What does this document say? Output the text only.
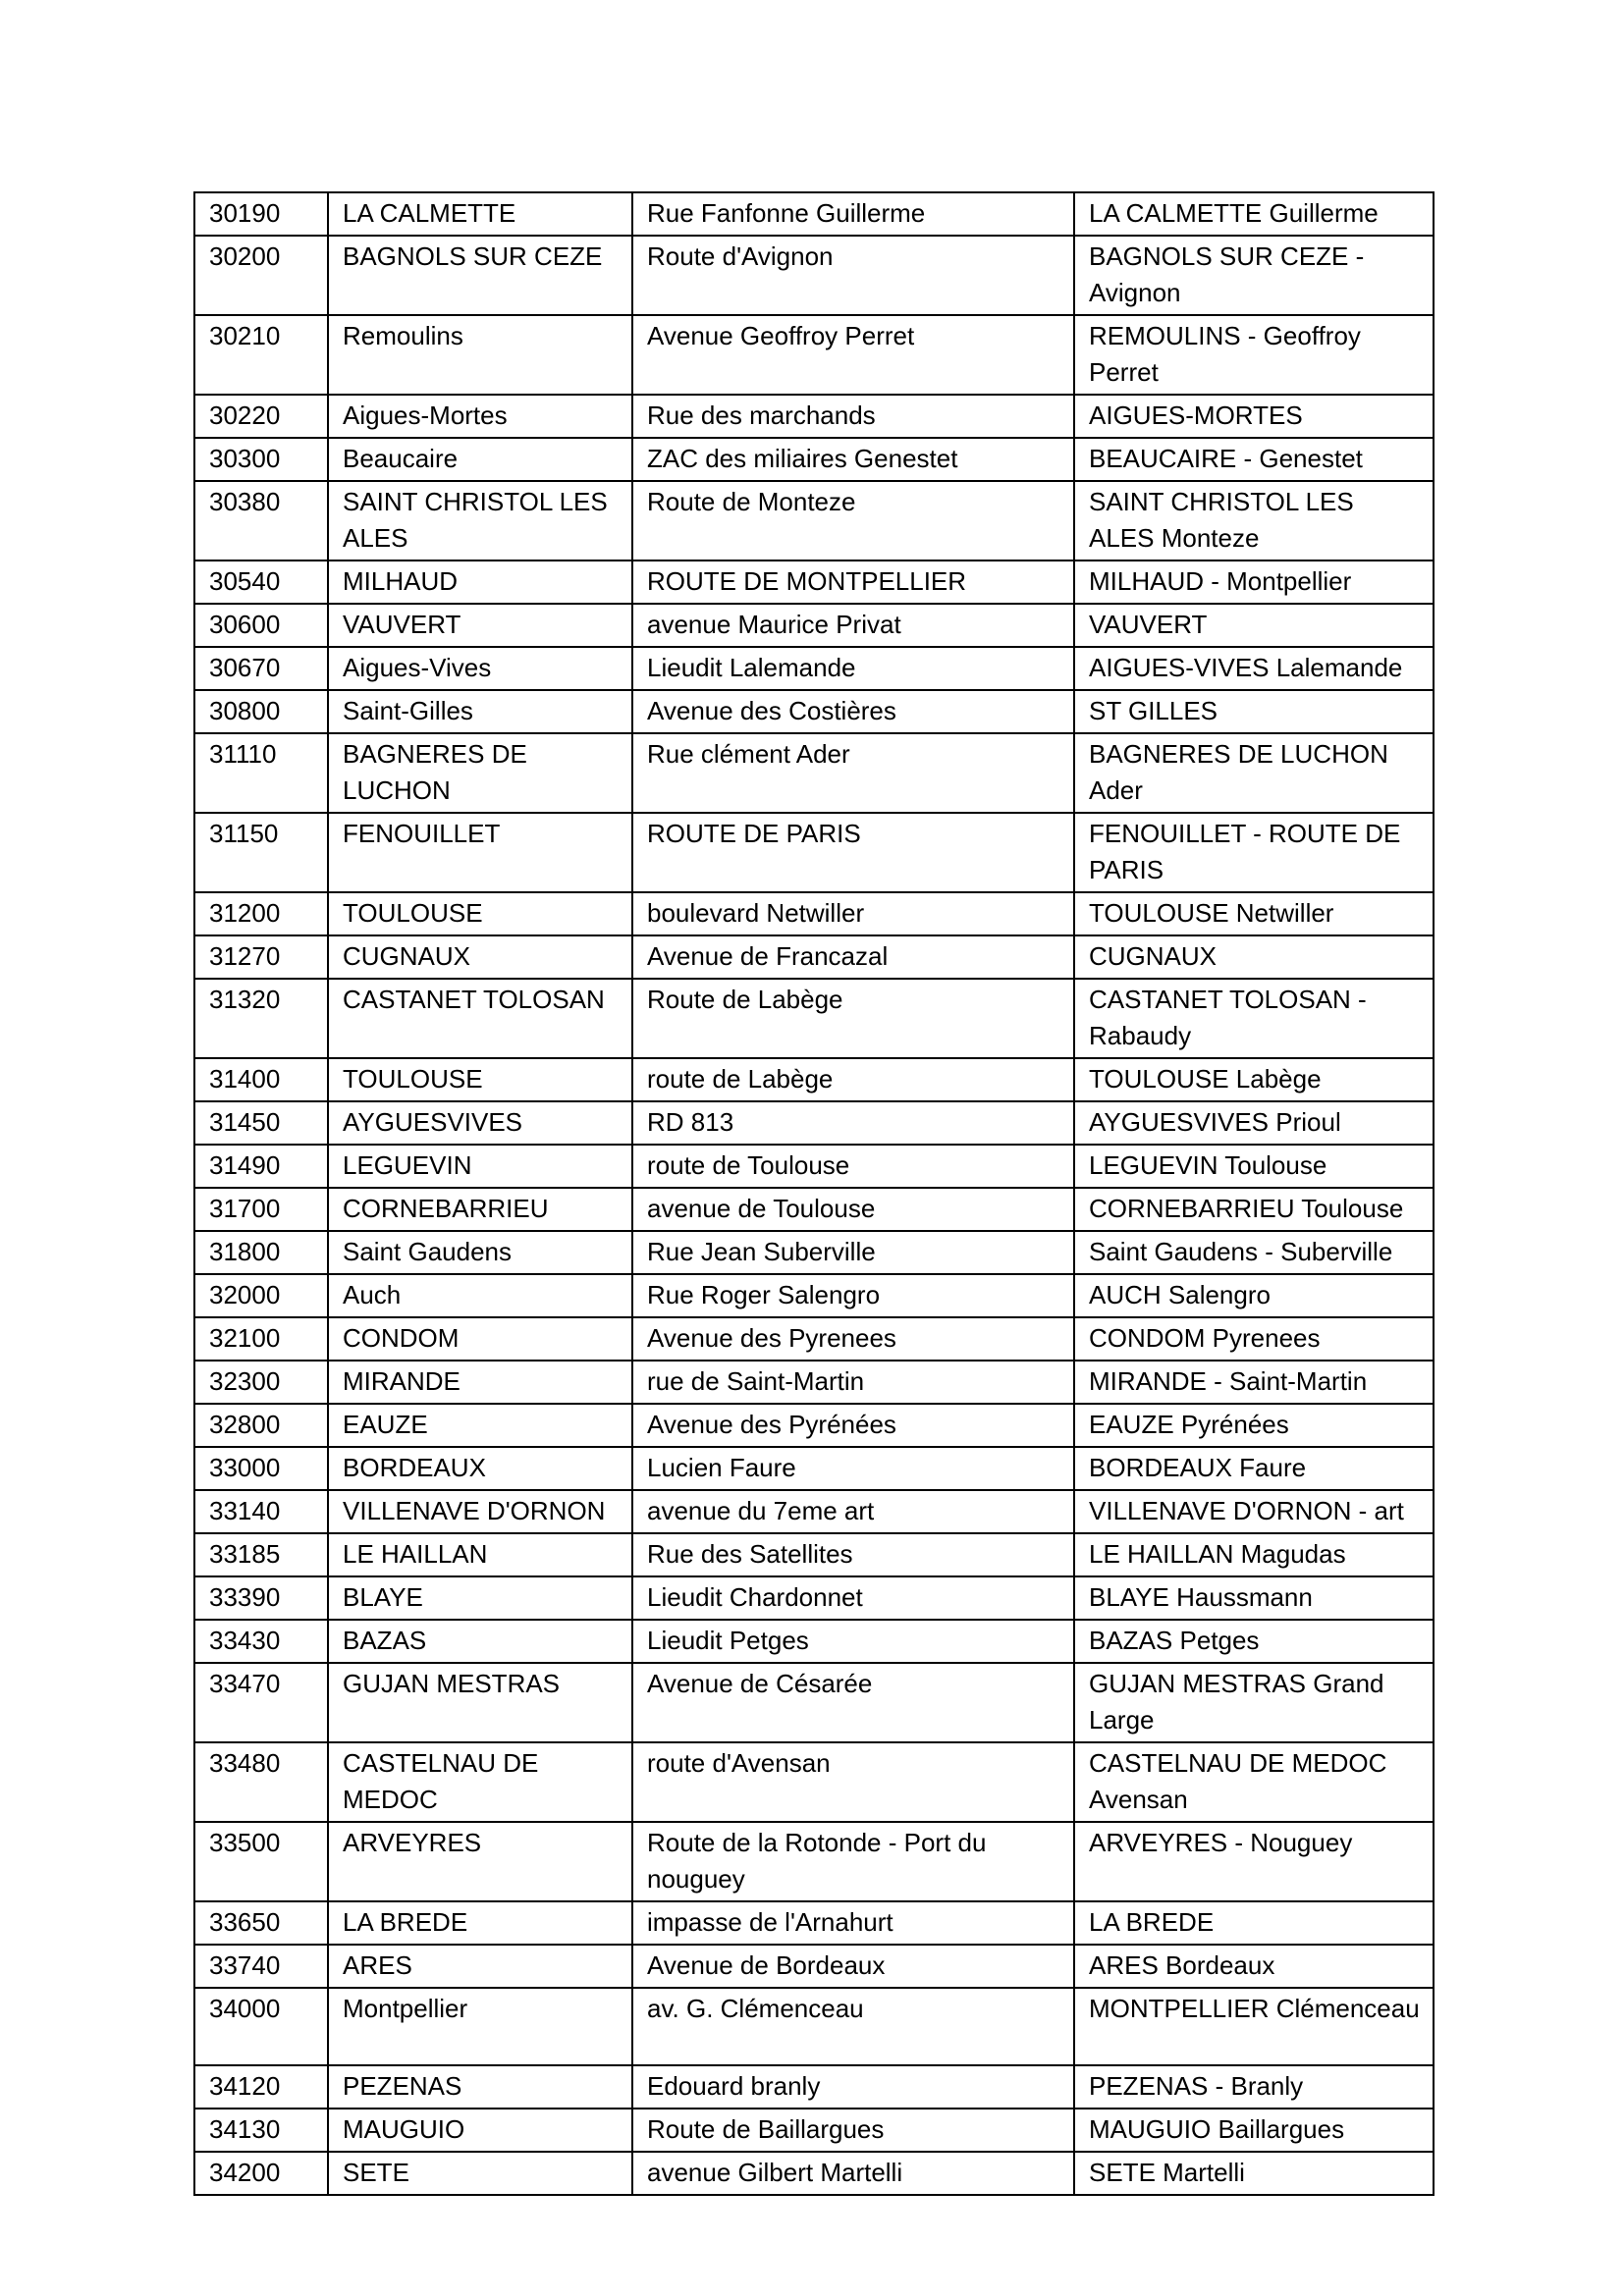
30190	LA CALMETTE	Rue Fanfonne Guillerme	LA CALMETTE Guillerme
30200	BAGNOLS SUR CEZE	Route d'Avignon	BAGNOLS SUR CEZE - Avignon
30210	Remoulins	Avenue Geoffroy Perret	REMOULINS - Geoffroy Perret
30220	Aigues-Mortes	Rue des marchands	AIGUES-MORTES
30300	Beaucaire	ZAC des miliaires Genestet	BEAUCAIRE - Genestet
30380	SAINT CHRISTOL LES ALES	Route de Monteze	SAINT CHRISTOL LES ALES Monteze
30540	MILHAUD	ROUTE DE MONTPELLIER	MILHAUD - Montpellier
30600	VAUVERT	avenue Maurice Privat	VAUVERT
30670	Aigues-Vives	Lieudit Lalemande	AIGUES-VIVES Lalemande
30800	Saint-Gilles	Avenue des Costières	ST GILLES
31110	BAGNERES DE LUCHON	Rue clément Ader	BAGNERES DE LUCHON Ader
31150	FENOUILLET	ROUTE DE PARIS	FENOUILLET - ROUTE DE PARIS
31200	TOULOUSE	boulevard Netwiller	TOULOUSE Netwiller
31270	CUGNAUX	Avenue de Francazal	CUGNAUX
31320	CASTANET TOLOSAN	Route de Labège	CASTANET TOLOSAN - Rabaudy
31400	TOULOUSE	route de Labège	TOULOUSE Labège
31450	AYGUESVIVES	RD 813	AYGUESVIVES Prioul
31490	LEGUEVIN	route de Toulouse	LEGUEVIN Toulouse
31700	CORNEBARRIEU	avenue de Toulouse	CORNEBARRIEU Toulouse
31800	Saint Gaudens	Rue Jean Suberville	Saint Gaudens - Suberville
32000	Auch	Rue Roger Salengro	AUCH Salengro
32100	CONDOM	Avenue des Pyrenees	CONDOM Pyrenees
32300	MIRANDE	rue de Saint-Martin	MIRANDE - Saint-Martin
32800	EAUZE	Avenue des Pyrénées	EAUZE Pyrénées
33000	BORDEAUX	Lucien Faure	BORDEAUX Faure
33140	VILLENAVE D'ORNON	avenue du 7eme art	VILLENAVE D'ORNON - art
33185	LE HAILLAN	Rue des Satellites	LE HAILLAN Magudas
33390	BLAYE	Lieudit Chardonnet	BLAYE Haussmann
33430	BAZAS	Lieudit Petges	BAZAS Petges
33470	GUJAN MESTRAS	Avenue de Césarée	GUJAN MESTRAS Grand Large
33480	CASTELNAU DE MEDOC	route d'Avensan	CASTELNAU DE MEDOC Avensan
33500	ARVEYRES	Route de la Rotonde - Port du nouguey	ARVEYRES - Nouguey
33650	LA BREDE	impasse de l'Arnahurt	LA BREDE
33740	ARES	Avenue de Bordeaux	ARES Bordeaux
34000	Montpellier	av. G. Clémenceau	MONTPELLIER Clémenceau
34120	PEZENAS	Edouard branly	PEZENAS - Branly
34130	MAUGUIO	Route de Baillargues	MAUGUIO Baillargues
34200	SETE	avenue Gilbert Martelli	SETE Martelli
